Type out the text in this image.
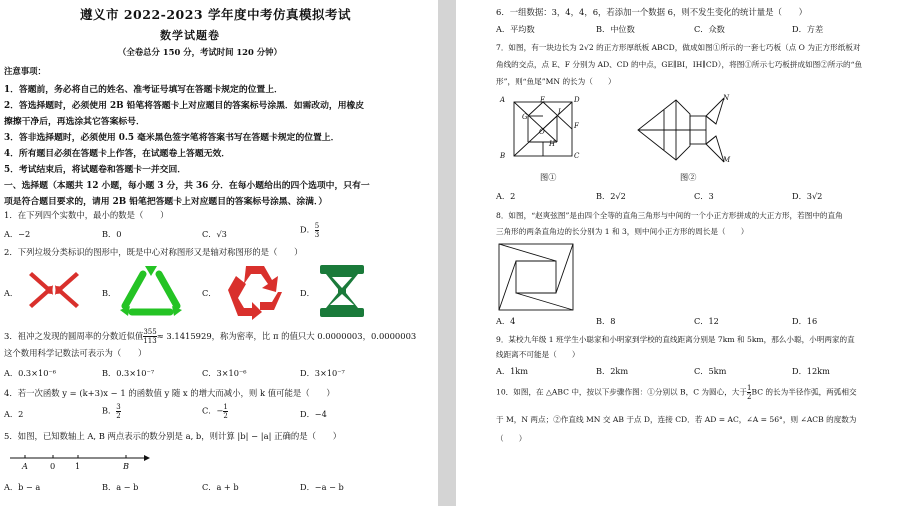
遵义市 2022-2023 学年度中考仿真模拟考试
数学试题卷
（全卷总分 150 分，考试时间 120 分钟）
注意事项：
1．答题前，务必将自己的姓名、准考证号填写在答题卡规定的位置上．
2．答选择题时，必须使用 2B 铅笔将答题卡上对应题目的答案标号涂黑．如需改动，用橡皮
擦擦干净后，再选涂其它答案标号．
3．答非选择题时，必须使用 0.5 毫米黑色签字笔将答案书写在答题卡规定的位置上．
4．所有题目必须在答题卡上作答，在试题卷上答题无效．
5．考试结束后，将试题卷和答题卡一并交回．
一、选择题（本题共 12 小题，每小题 3 分，共 36 分．在每小题给出的四个选项中，只有一
项是符合题目要求的，请用 2B 铅笔把答题卡上对应题目的答案标号涂黑、涂满．）
1．在下列四个实数中，最小的数是（　　）
A．−2	B．0	C．√3	D． $\frac{5}{3}$
2．下列垃圾分类标识的图形中，既是中心对称图形又是轴对称图形的是（　　）
A．	B．	C．	D．
3．祖冲之发现的圆周率的分数近似值 $\frac{355}{113} \approx 3.1415929$，称为密率，比 π 的值只大 0.0000003，0.0000003
这个数用科学记数法可表示为（　　）
A．0.3×10⁻⁶	B．0.3×10⁻⁷	C．3×10⁻⁶	D．3×10⁻⁷
4．若一次函数 y = (k+3)x − 1 的函数值 y 随 x 的增大而减小，则 k 值可能是（　　）
A．2	B． $\frac{3}{2}$	C．− $\frac{1}{2}$	D．−4
5．如图，已知数轴上 A, B 两点表示的数分别是 a, b，则计算 |b| − |a| 正确的是（　　）
A	0 1	B
A．b − a	B．a − b	C．a + b	D．−a − b
6．一组数据：3，4，4，6，若添加一个数据 6，则不发生变化的统计量是（　　）
A．平均数	B．中位数	C．众数	D．方差
7．如图，有一块边长为 2√2 的正方形厚纸板 ABCD，做成如图①所示的一套七巧板（点 O 为正方形纸板对
角线的交点，点 E、F 分别为 AD、CD 的中点，GE∥BI，IH∥CD），将图①所示七巧板拼成如图②所示的“鱼
形”，则“鱼尾”MN 的长为（　　）
A	E	D
G
I
F
O
H
B	C
N
M
图①	图②
A．2	B．2√2	C．3	D．3√2
8．如图，“赵爽弦图”是由四个全等的直角三角形与中间的一个小正方形拼成的大正方形，若图中的直角
三角形的两条直角边的长分别为 1 和 3，则中间小正方形的周长是（　　）
A．4	B．8	C．12	D．16
9．某校九年级 1 班学生小聪家和小明家到学校的直线距离分别是 7km 和 5km，那么小聪，小明两家的直
线距离不可能是（　　）
A．1km	B．2km	C．5km	D．12km
10．如图，在 △ABC 中，按以下步骤作图：①分别以 B，C 为圆心，大于 $\frac{1}{2}$ BC 的长为半径作弧，两弧相交
于 M，N 两点；②作直线 MN 交 AB 于点 D，连接 CD．若 AD = AC，∠A = 56°，则 ∠ACB 的度数为
（　　）
